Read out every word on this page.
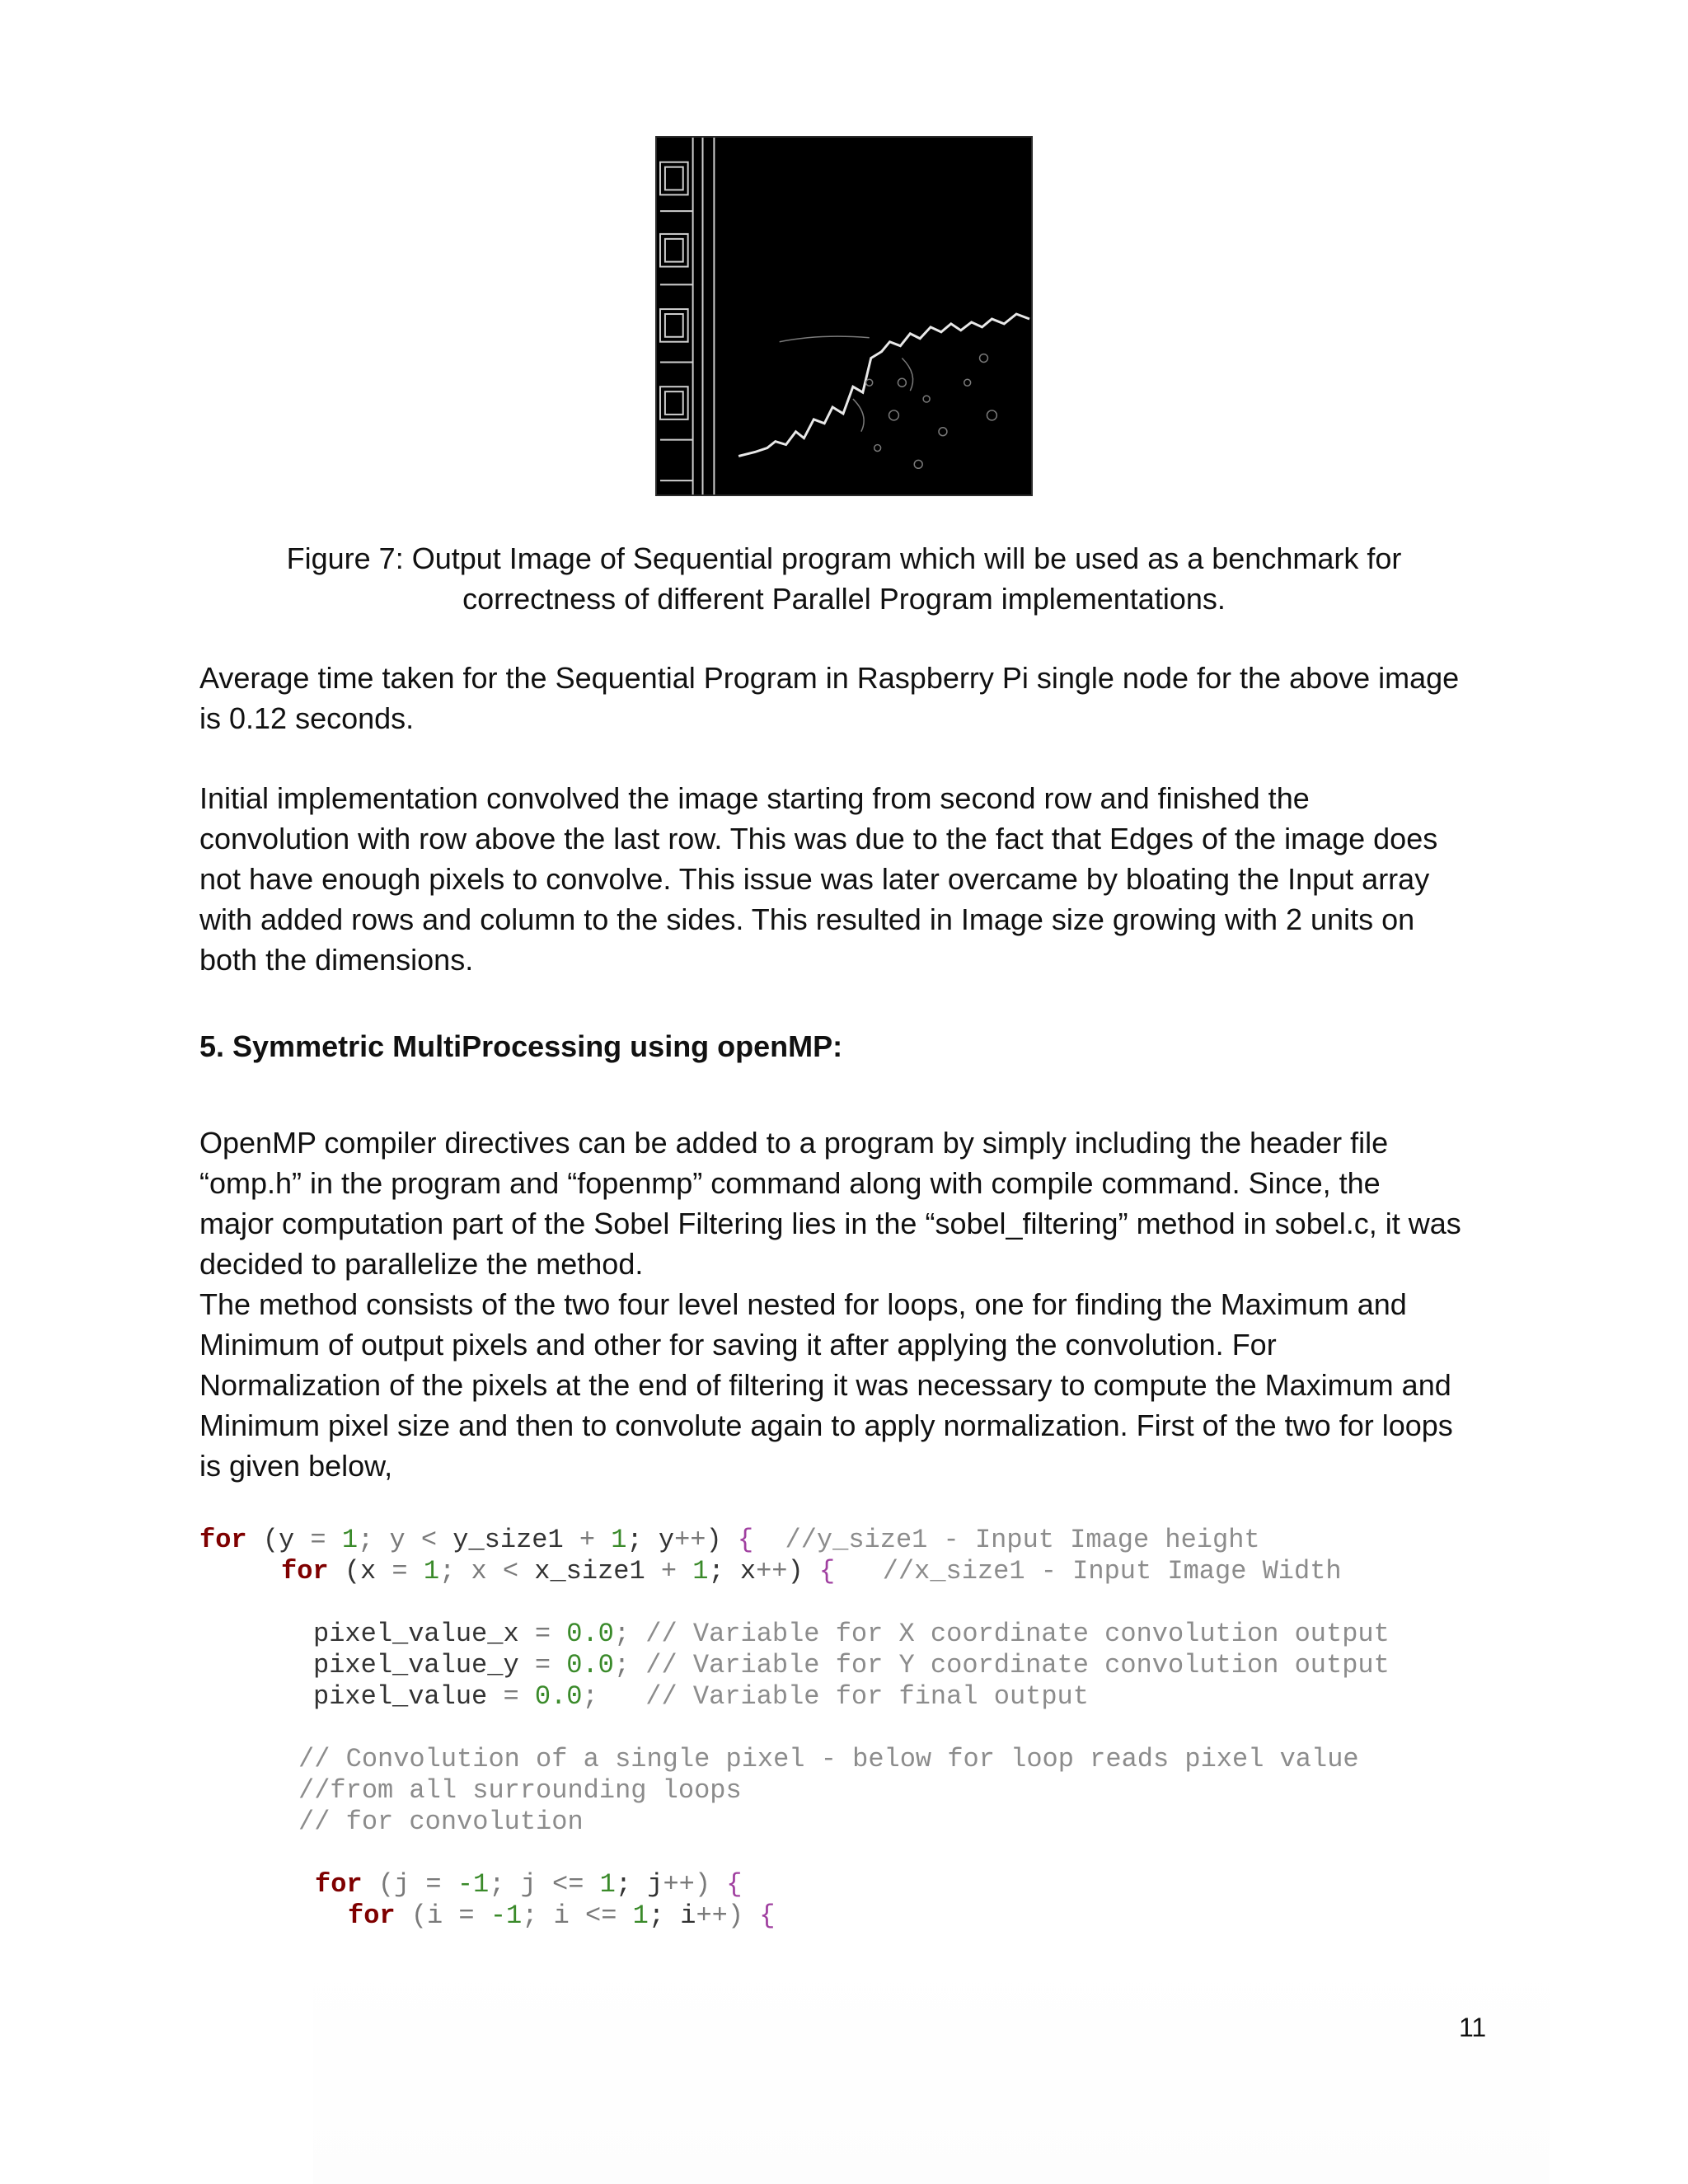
Figure 7: Output Image of Sequential program which will be used as a benchmark for
correctness of different Parallel Program implementations.

Average time taken for the Sequential Program in Raspberry Pi single node for the above image
is 0.12 seconds.

Initial implementation convolved the image starting from second row and finished the
convolution with row above the last row. This was due to the fact that Edges of the image does
not have enough pixels to convolve. This issue was later overcame by bloating the Input array
with added rows and column to the sides. This resulted in Image size growing with 2 units on
both the dimensions.

5. Symmetric MultiProcessing using openMP:

OpenMP compiler directives can be added to a program by simply including the header file
“omp.h” in the program and “fopenmp” command along with compile command. Since, the
major computation part of the Sobel Filtering lies in the “sobel_filtering” method in sobel.c, it was
decided to parallelize the method.
The method consists of the two four level nested for loops, one for finding the Maximum and
Minimum of output pixels and other for saving it after applying the convolution. For
Normalization of the pixels at the end of filtering it was necessary to compute the Maximum and
Minimum pixel size and then to convolute again to apply normalization. First of the two for loops
is given below,

for (y = 1; y < y_size1 + 1; y++) {  //y_size1 - Input Image height

for (x = 1; x < x_size1 + 1; x++) {   //x_size1 - Input Image Width

pixel_value_x = 0.0; // Variable for X coordinate convolution output

pixel_value_y = 0.0; // Variable for Y coordinate convolution output

pixel_value = 0.0;   // Variable for final output

// Convolution of a single pixel - below for loop reads pixel value

//from all surrounding loops

// for convolution

for (j = -1; j <= 1; j++) {

for (i = -1; i <= 1; i++) {

11
